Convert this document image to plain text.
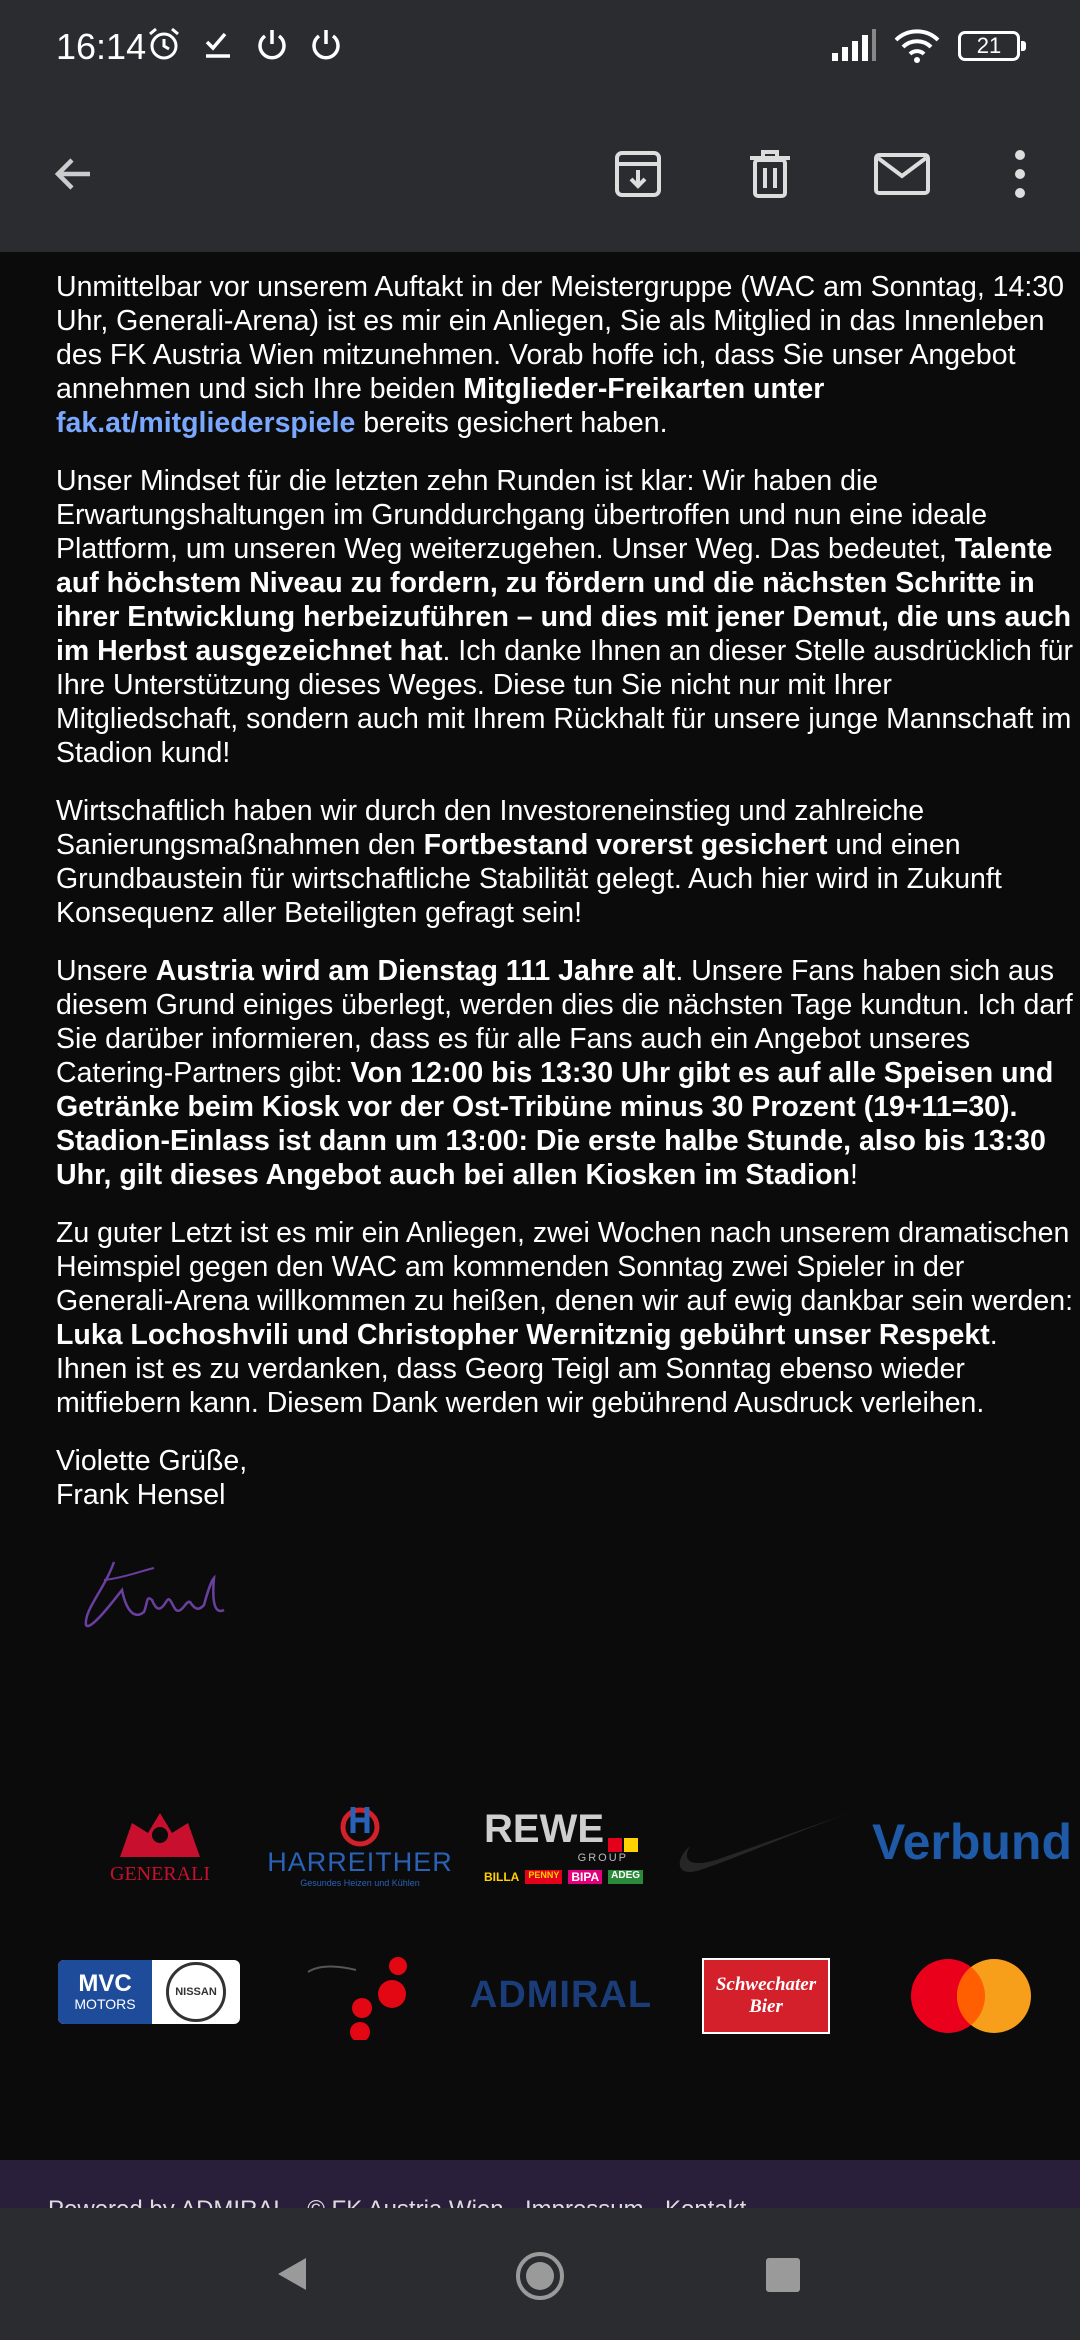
16:14	21

Unmittelbar vor unserem Auftakt in der Meistergruppe (WAC am Sonntag, 14:30 Uhr, Generali-Arena) ist es mir ein Anliegen, Sie als Mitglied in das Innenleben des FK Austria Wien mitzunehmen. Vorab hoffe ich, dass Sie unser Angebot annehmen und sich Ihre beiden Mitglieder-Freikarten unter
fak.at/mitgliederspiele bereits gesichert haben.

Unser Mindset für die letzten zehn Runden ist klar: Wir haben die Erwartungshaltungen im Grunddurchgang übertroffen und nun eine ideale Plattform, um unseren Weg weiterzugehen. Unser Weg. Das bedeutet, Talente auf höchstem Niveau zu fordern, zu fördern und die nächsten Schritte in ihrer Entwicklung herbeizuführen – und dies mit jener Demut, die uns auch im Herbst ausgezeichnet hat. Ich danke Ihnen an dieser Stelle ausdrücklich für Ihre Unterstützung dieses Weges. Diese tun Sie nicht nur mit Ihrer Mitgliedschaft, sondern auch mit Ihrem Rückhalt für unsere junge Mannschaft im Stadion kund!

Wirtschaftlich haben wir durch den Investoreneinstieg und zahlreiche Sanierungsmaßnahmen den Fortbestand vorerst gesichert und einen Grundbaustein für wirtschaftliche Stabilität gelegt. Auch hier wird in Zukunft Konsequenz aller Beteiligten gefragt sein!

Unsere Austria wird am Dienstag 111 Jahre alt. Unsere Fans haben sich aus diesem Grund einiges überlegt, werden dies die nächsten Tage kundtun. Ich darf Sie darüber informieren, dass es für alle Fans auch ein Angebot unseres Catering-Partners gibt: Von 12:00 bis 13:30 Uhr gibt es auf alle Speisen und Getränke beim Kiosk vor der Ost-Tribüne minus 30 Prozent (19+11=30). Stadion-Einlass ist dann um 13:00: Die erste halbe Stunde, also bis 13:30 Uhr, gilt dieses Angebot auch bei allen Kiosken im Stadion!

Zu guter Letzt ist es mir ein Anliegen, zwei Wochen nach unserem dramatischen Heimspiel gegen den WAC am kommenden Sonntag zwei Spieler in der Generali-Arena willkommen zu heißen, denen wir auf ewig dankbar sein werden: Luka Lochoshvili und Christopher Wernitznig gebührt unser Respekt. Ihnen ist es zu verdanken, dass Georg Teigl am Sonntag ebenso wieder mitfiebern kann. Diesem Dank werden wir gebührend Ausdruck verleihen.

Violette Grüße,
Frank Hensel

GENERALI HARREITHER
Gesundes Heizen und Kühlen
REWE
GROUP
BILLA	PENNY BIPA	ADEG
Verbund
MVC
MOTORS
NISSAN	ADMIRAL	Schwechater
Bier
